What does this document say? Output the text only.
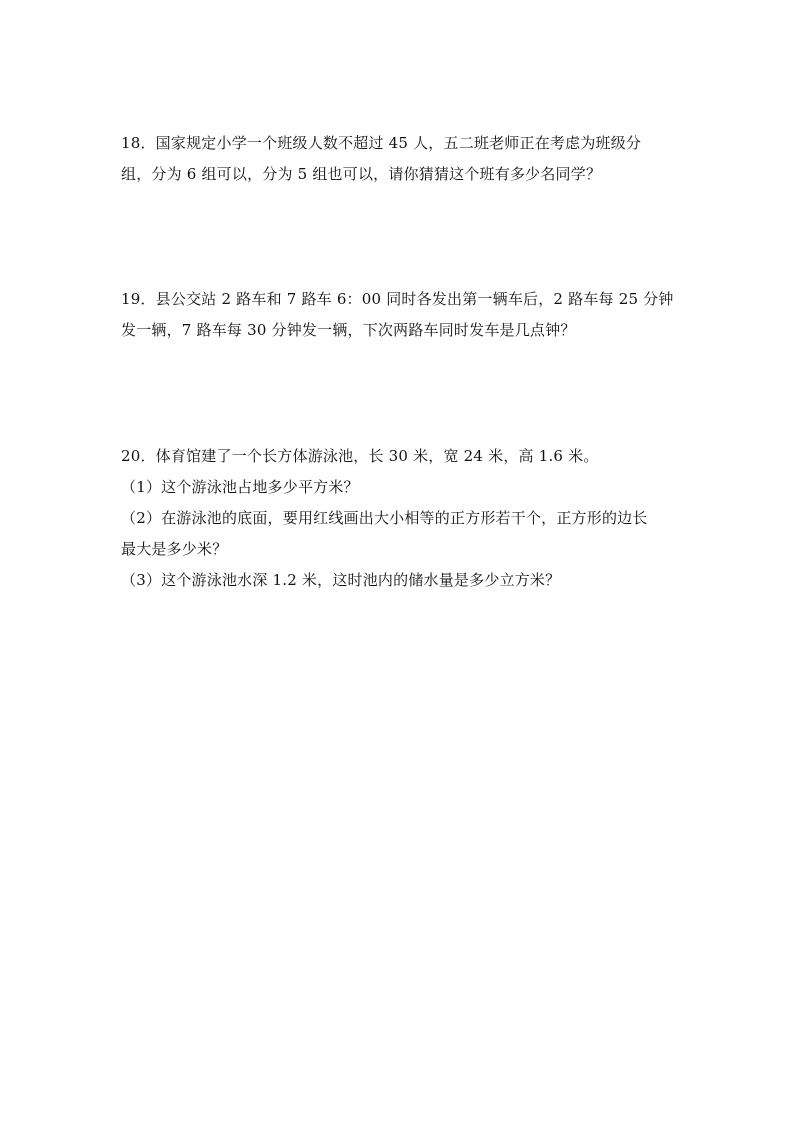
18．国家规定小学一个班级人数不超过 45 人，五二班老师正在考虑为班级分
组，分为 6 组可以，分为 5 组也可以，请你猜猜这个班有多少名同学？
19．县公交站 2 路车和 7 路车 6：00 同时各发出第一辆车后，2 路车每 25 分钟
发一辆，7 路车每 30 分钟发一辆，下次两路车同时发车是几点钟？
20．体育馆建了一个长方体游泳池，长 30 米，宽 24 米，高 1.6 米。
（1）这个游泳池占地多少平方米？
（2）在游泳池的底面，要用红线画出大小相等的正方形若干个，正方形的边长
最大是多少米？
（3）这个游泳池水深 1.2 米，这时池内的储水量是多少立方米？
